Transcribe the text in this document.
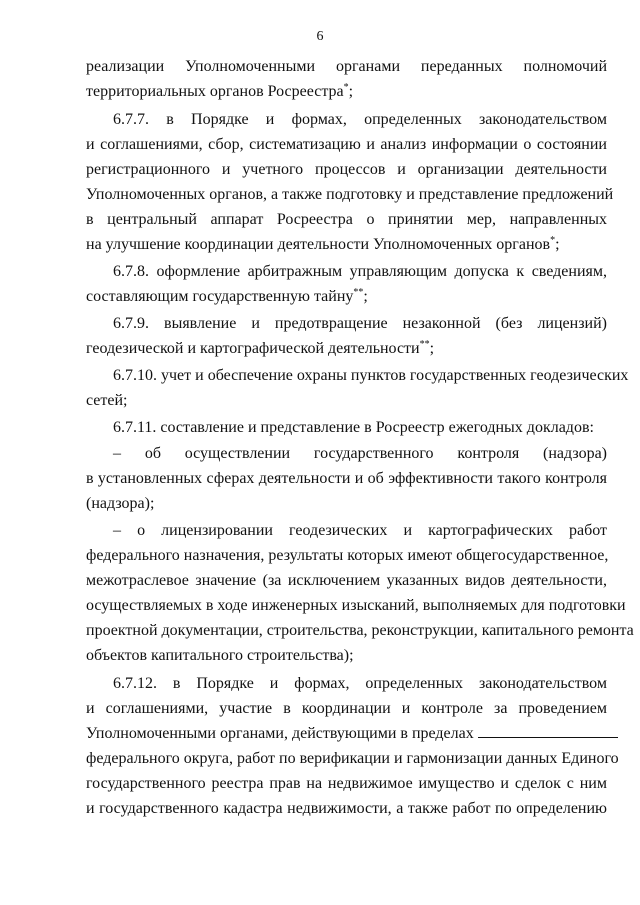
6
реализации Уполномоченными органами переданных полномочий
территориальных органов Росреестра*;
6.7.7. в Порядке и формах, определенных законодательством
и соглашениями, сбор, систематизацию и анализ информации о состоянии
регистрационного и учетного процессов и организации деятельности
Уполномоченных органов, а также подготовку и представление предложений
в центральный аппарат Росреестра о принятии мер, направленных
на улучшение координации деятельности Уполномоченных органов*;
6.7.8. оформление арбитражным управляющим допуска к сведениям,
составляющим государственную тайну**;
6.7.9. выявление и предотвращение незаконной (без лицензий)
геодезической и картографической деятельности**;
6.7.10. учет и обеспечение охраны пунктов государственных геодезических
сетей;
6.7.11. составление и представление в Росреестр ежегодных докладов:
– об осуществлении государственного контроля (надзора)
в установленных сферах деятельности и об эффективности такого контроля
(надзора);
– о лицензировании геодезических и картографических работ
федерального назначения, результаты которых имеют общегосударственное,
межотраслевое значение (за исключением указанных видов деятельности,
осуществляемых в ходе инженерных изысканий, выполняемых для подготовки
проектной документации, строительства, реконструкции, капитального ремонта
объектов капитального строительства);
6.7.12. в Порядке и формах, определенных законодательством
и соглашениями, участие в координации и контроле за проведением
Уполномоченными органами, действующими в пределах
федерального округа, работ по верификации и гармонизации данных Единого
государственного реестра прав на недвижимое имущество и сделок с ним
и государственного кадастра недвижимости, а также работ по определению
